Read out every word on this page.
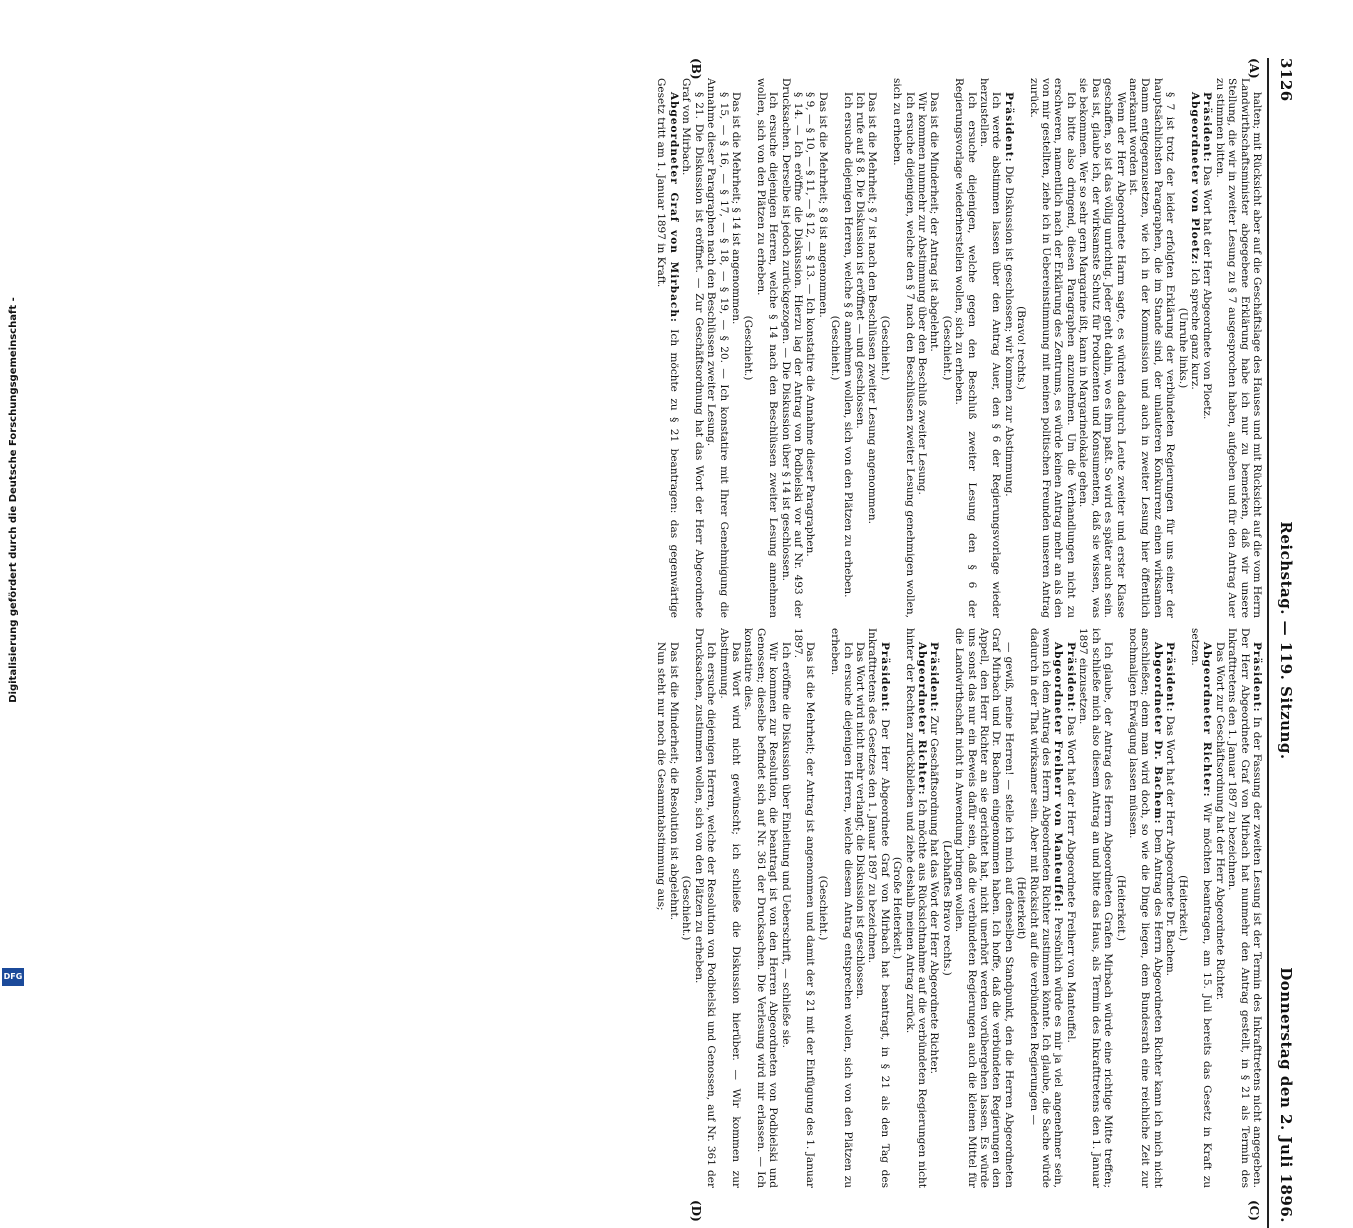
3126
Reichstag. — 119. Sitzung.
Donnerstag den 2. Juli 1896.
(A)
(B)
(C)
(D)

halten; mit Rücksicht aber auf die Geschäftslage des Hauses und mit Rücksicht auf die vom Herrn Landwirthschaftsminister abgegebene Erklärung habe ich nur zu bemerken, daß wir unsere Stellung, die wir in zweiter Lesung zu § 7 ausgesprochen haben, aufgeben und für den Antrag Auer zu stimmen bitten.

Präsident: Das Wort hat der Herr Abgeordnete von Ploetz.

Abgeordneter von Ploetz: Ich spreche ganz kurz.

(Unruhe links.)

§ 7 ist trotz der leider erfolgten Erklärung der verbündeten Regierungen für uns einer der hauptsächlichsten Paragraphen, die im Stande sind, der unlauteren Konkurrenz einen wirksamen Damm entgegenzusetzen, wie ich in der Kommission und auch in zweiter Lesung hier öffentlich anerkannt worden ist.

Wenn der Herr Abgeordnete Harm sagte, es würden dadurch Leute zweiter und erster Klasse geschaffen, so ist das völlig unrichtig. Jeder geht dahin, wo es ihm paßt. So wird es später auch sein. Das ist, glaube ich, der wirksamste Schutz für Produzenten und Konsumenten, daß sie wissen, was sie bekommen. Wer so sehr gern Margarine ißt, kann in Margarinelokale gehen.

Ich bitte also dringend, diesen Paragraphen anzunehmen. Um die Verhandlungen nicht zu erschweren, namentlich nach der Erklärung des Zentrums, es würde keinen Antrag mehr an als den von mir gestellten, ziehe ich in Uebereinstimmung mit meinen politischen Freunden unseren Antrag zurück.

(Bravo! rechts.)

Präsident: Die Diskussion ist geschlossen; wir kommen zur Abstimmung.

Ich werde abstimmen lassen über den Antrag Auer, den § 6 der Regierungsvorlage wieder herzustellen.

Ich ersuche diejenigen, welche gegen den Beschluß zweiter Lesung den § 6 der Regierungsvorlage wiederherstellen wollen, sich zu erheben.

(Geschieht.)

Das ist die Minderheit; der Antrag ist abgelehnt.

Wir kommen nunmehr zur Abstimmung über den Beschluß zweiter Lesung.

Ich ersuche diejenigen, welche den § 7 nach den Beschlüssen zweiter Lesung genehmigen wollen, sich zu erheben.

(Geschieht.)

Das ist die Mehrheit; § 7 ist nach den Beschlüssen zweiter Lesung angenommen.

Ich rufe auf § 8. Die Diskussion ist eröffnet — und geschlossen.

Ich ersuche diejenigen Herren, welche § 8 annehmen wollen, sich von den Plätzen zu erheben.

(Geschieht.)

Das ist die Mehrheit; § 8 ist angenommen.

§ 9, — § 10, — § 11, — § 12, — § 13. — Ich konstatire die Annahme dieser Paragraphen.

§ 14. — Ich eröffne die Diskussion. Hierzu lag der Antrag von Podbielski vor auf Nr. 493 der Drucksachen. Derselbe ist jedoch zurückgezogen. — Die Diskussion über § 14 ist geschlossen.

Ich ersuche diejenigen Herren, welche § 14 nach den Beschlüssen zweiter Lesung annehmen wollen, sich von den Plätzen zu erheben.

(Geschieht.)

Das ist die Mehrheit; § 14 ist angenommen.

§ 15, — § 16, — § 17, — § 18, — § 19, — § 20. — Ich konstatire mit Ihrer Genehmigung die Annahme dieser Paragraphen nach den Beschlüssen zweiter Lesung.

§ 21. Die Diskussion ist eröffnet. — Zur Geschäftsordnung hat das Wort der Herr Abgeordnete Graf von Mirbach.

Abgeordneter Graf von Mirbach: Ich möchte zu § 21 beantragen: das gegenwärtige Gesetz tritt am 1. Januar 1897 in Kraft.

Präsident: In der Fassung der zweiten Lesung ist der Termin des Inkrafttretens nicht angegeben. Der Herr Abgeordnete Graf von Mirbach hat nunmehr den Antrag gestellt, in § 21 als Termin des Inkrafttretens den 1. Januar 1897 zu bezeichnen.

Das Wort zur Geschäftsordnung hat der Herr Abgeordnete Richter.

Abgeordneter Richter: Wir möchten beantragen, am 15. Juli bereits das Gesetz in Kraft zu setzen.

(Heiterkeit.)

Präsident: Das Wort hat der Herr Abgeordnete Dr. Bachem.

Abgeordneter Dr. Bachem: Dem Antrag des Herrn Abgeordneten Richter kann ich mich nicht anschließen; denn man wird doch, so wie die Dinge liegen, dem Bundesrath eine reichliche Zeit zur nochmaligen Erwägung lassen müssen.

(Heiterkeit.)

Ich glaube, der Antrag des Herrn Abgeordneten Grafen Mirbach würde eine richtige Mitte treffen; ich schließe mich also diesem Antrag an und bitte das Haus, als Termin des Inkrafttretens den 1. Januar 1897 einzusetzen.

Präsident: Das Wort hat der Herr Abgeordnete Freiherr von Manteuffel.

Abgeordneter Freiherr von Manteuffel: Persönlich würde es mir ja viel angenehmer sein, wenn ich dem Antrag des Herrn Abgeordneten Richter zustimmen könnte. Ich glaube, die Sache würde dadurch in der That wirksamer sein. Aber mit Rücksicht auf die verbündeten Regierungen —

(Heiterkeit)

— gewiß, meine Herren! — stelle ich mich auf denselben Standpunkt, den die Herren Abgeordneten Graf Mirbach und Dr. Bachem eingenommen haben. Ich hoffe, daß die verbündeten Regierungen den Appell, den Herr Richter an sie gerichtet hat, nicht unerhört werden vorübergehen lassen. Es würde uns sonst das nur ein Beweis dafür sein, daß die verbündeten Regierungen auch die kleinen Mittel für die Landwirthschaft nicht in Anwendung bringen wollen.

(Lebhaftes Bravo rechts.)

Präsident: Zur Geschäftsordnung hat das Wort der Herr Abgeordnete Richter.

Abgeordneter Richter: Ich möchte aus Rücksichtnahme auf die verbündeten Regierungen nicht hinter der Rechten zurückbleiben und ziehe deshalb meinen Antrag zurück.

(Große Heiterkeit.)

Präsident: Der Herr Abgeordnete Graf von Mirbach hat beantragt, in § 21 als den Tag des Inkrafttretens des Gesetzes den 1. Januar 1897 zu bezeichnen.

Das Wort wird nicht mehr verlangt; die Diskussion ist geschlossen.

Ich ersuche diejenigen Herren, welche diesem Antrag entsprechen wollen, sich von den Plätzen zu erheben.

(Geschieht.)

Das ist die Mehrheit; der Antrag ist angenommen und damit der § 21 mit der Einfügung des 1. Januar 1897.

Ich eröffne die Diskussion über Einleitung und Ueberschrift, — schließe sie.

Wir kommen zur Resolution, die beantragt ist von den Herren Abgeordneten von Podbielski und Genossen; dieselbe befindet sich auf Nr. 361 der Drucksachen. Die Verlesung wird mir erlassen. — Ich konstatire dies.

Das Wort wird nicht gewünscht; ich schließe die Diskussion hierüber. — Wir kommen zur Abstimmung.

Ich ersuche diejenigen Herren, welche der Resolution von Podbielski und Genossen, auf Nr. 361 der Drucksachen, zustimmen wollen, sich von den Plätzen zu erheben.

(Geschieht.)

Das ist die Minderheit; die Resolution ist abgelehnt.

Nun steht nur noch die Gesammtabstimmung aus;

Digitalisierung gefördert durch die Deutsche Forschungsgemeinschaft -
DFG
